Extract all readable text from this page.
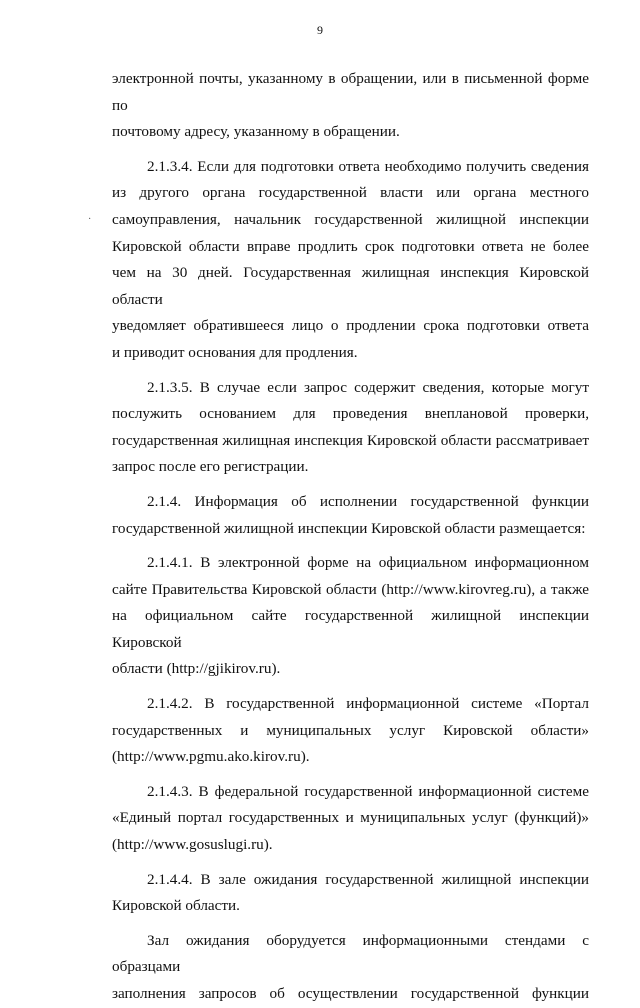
9
·

электронной почты, указанному в обращении, или в письменной форме по
почтовому адресу, указанному в обращении.

2.1.3.4. Если для подготовки ответа необходимо получить сведения
из другого органа государственной власти или органа местного
самоуправления, начальник государственной жилищной инспекции
Кировской области вправе продлить срок подготовки ответа не более
чем на 30 дней. Государственная жилищная инспекция Кировской области
уведомляет обратившееся лицо о продлении срока подготовки ответа
и приводит основания для продления.

2.1.3.5. В случае если запрос содержит сведения, которые могут
послужить основанием для проведения внеплановой проверки,
государственная жилищная инспекция Кировской области рассматривает
запрос после его регистрации.

2.1.4. Информация об исполнении государственной функции
государственной жилищной инспекции Кировской области размещается:

2.1.4.1. В электронной форме на официальном информационном
сайте Правительства Кировской области (http://www.kirovreg.ru), а также
на официальном сайте государственной жилищной инспекции Кировской
области (http://gjikirov.ru).

2.1.4.2. В государственной информационной системе «Портал
государственных и муниципальных услуг Кировской области»
(http://www.pgmu.ako.kirov.ru).

2.1.4.3. В федеральной государственной информационной системе
«Единый портал государственных и муниципальных услуг (функций)»
(http://www.gosuslugi.ru).

2.1.4.4. В зале ожидания государственной жилищной инспекции
Кировской области.

Зал ожидания оборудуется информационными стендами с образцами
заполнения запросов об осуществлении государственной функции
